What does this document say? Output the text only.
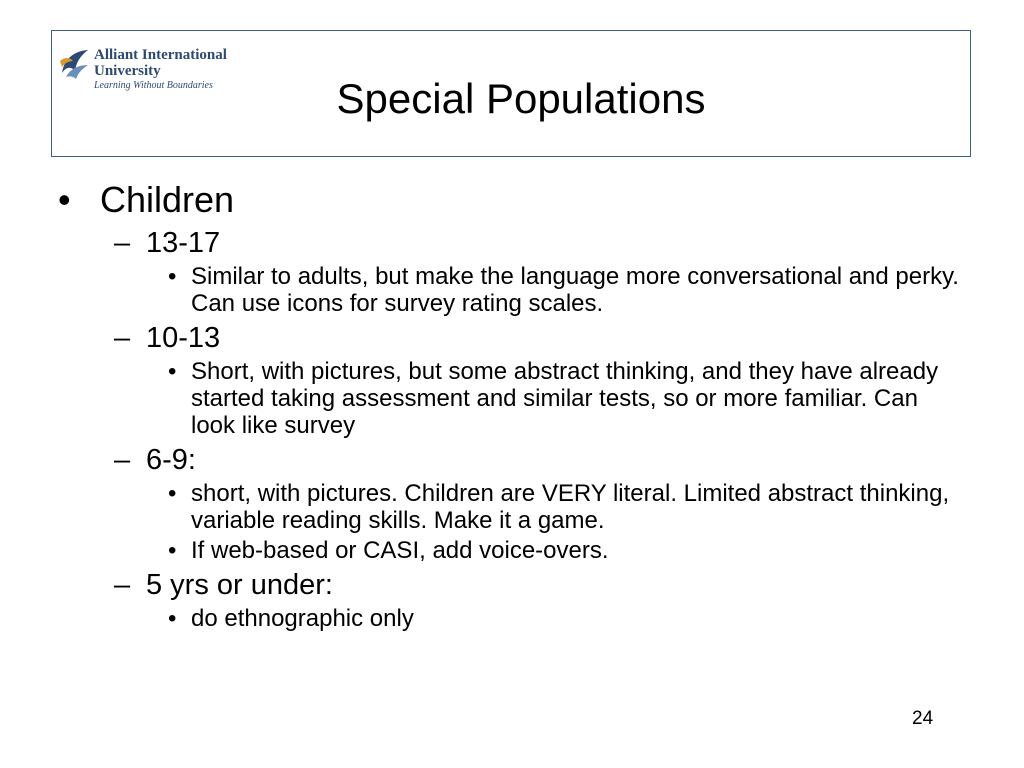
Alliant International
University
Learning Without Boundaries	Special Populations
• Children
– 13-17
• Similar to adults, but make the language more conversational and perky. Can use icons for survey rating scales.
– 10-13
• Short, with pictures, but some abstract thinking, and they have already started taking assessment and similar tests, so or more familiar. Can look like survey
– 6-9:
• short, with pictures. Children are VERY literal. Limited abstract thinking, variable reading skills. Make it a game.
• If web-based or CASI, add voice-overs.
– 5 yrs or under:
• do ethnographic only
24
